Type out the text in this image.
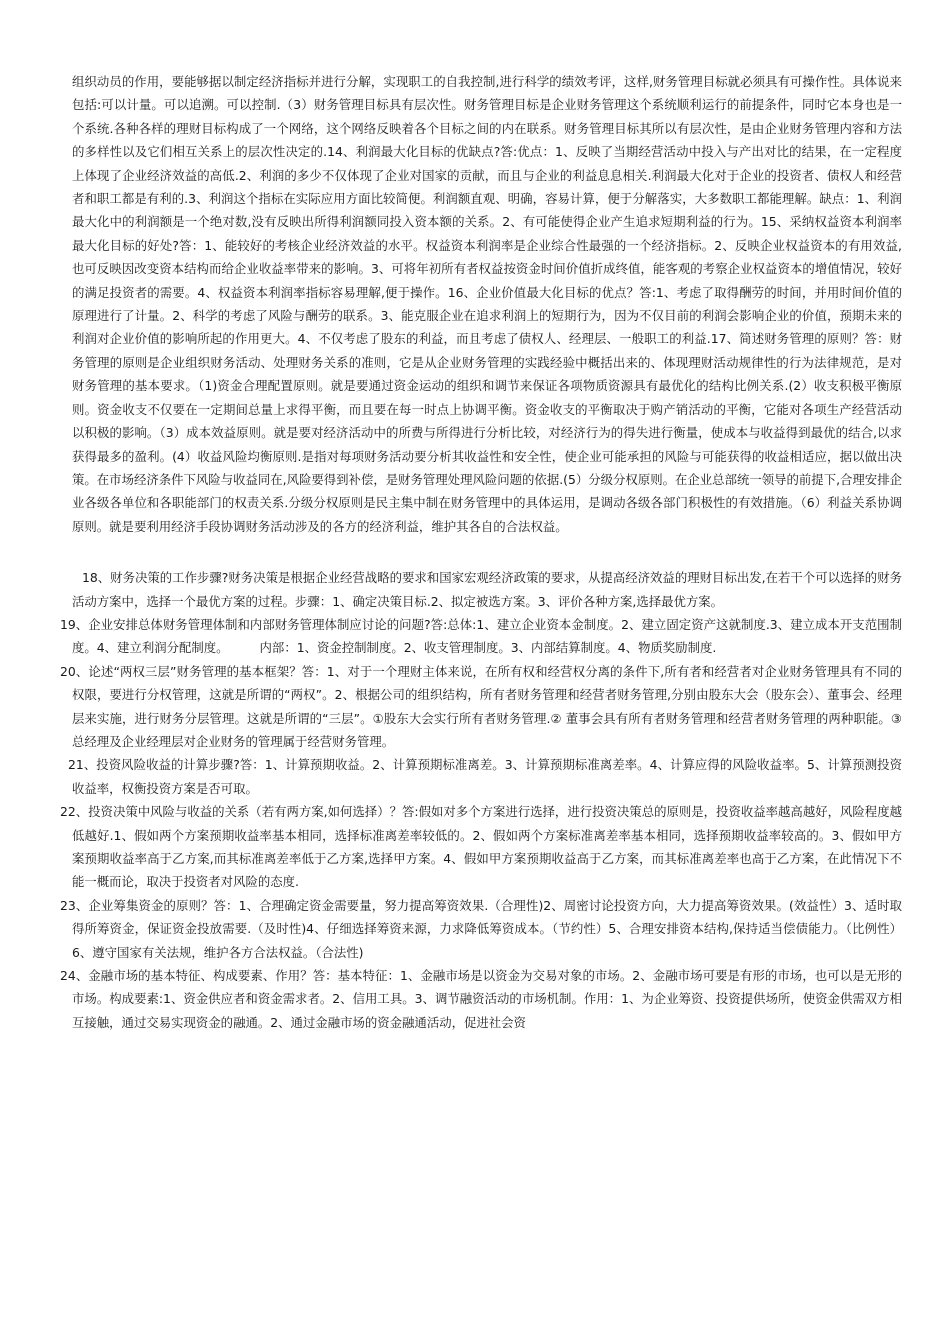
组织动员的作用，要能够据以制定经济指标并进行分解，实现职工的自我控制,进行科学的绩效考评，这样,财务管理目标就必须具有可操作性。具体说来包括:可以计量。可以追溯。可以控制.（3）财务管理目标具有层次性。财务管理目标是企业财务管理这个系统顺利运行的前提条件，同时它本身也是一个系统.各种各样的理财目标构成了一个网络，这个网络反映着各个目标之间的内在联系。财务管理目标其所以有层次性，是由企业财务管理内容和方法的多样性以及它们相互关系上的层次性决定的.14、利润最大化目标的优缺点?答:优点：1、反映了当期经营活动中投入与产出对比的结果，在一定程度上体现了企业经济效益的高低.2、利润的多少不仅体现了企业对国家的贡献，而且与企业的利益息息相关.利润最大化对于企业的投资者、债权人和经营者和职工都是有利的.3、利润这个指标在实际应用方面比较简便。利润额直观、明确，容易计算，便于分解落实，大多数职工都能理解。缺点：1、利润最大化中的利润额是一个绝对数,没有反映出所得利润额同投入资本额的关系。2、有可能使得企业产生追求短期利益的行为。15、采纳权益资本利润率最大化目标的好处?答：1、能较好的考核企业经济效益的水平。权益资本利润率是企业综合性最强的一个经济指标。2、反映企业权益资本的有用效益,也可反映因改变资本结构而给企业收益率带来的影响。3、可将年初所有者权益按资金时间价值折成终值，能客观的考察企业权益资本的增值情况，较好的满足投资者的需要。4、权益资本利润率指标容易理解,便于操作。16、企业价值最大化目标的优点？答:1、考虑了取得酬劳的时间，并用时间价值的原理进行了计量。2、科学的考虑了风险与酬劳的联系。3、能克服企业在追求利润上的短期行为，因为不仅目前的利润会影响企业的价值，预期未来的利润对企业价值的影响所起的作用更大。4、不仅考虑了股东的利益，而且考虑了债权人、经理层、一般职工的利益.17、简述财务管理的原则？答：财务管理的原则是企业组织财务活动、处理财务关系的准则，它是从企业财务管理的实践经验中概括出来的、体现理财活动规律性的行为法律规范，是对财务管理的基本要求。（1)资金合理配置原则。就是要通过资金运动的组织和调节来保证各项物质资源具有最优化的结构比例关系.(2）收支积极平衡原则。资金收支不仅要在一定期间总量上求得平衡，而且要在每一时点上协调平衡。资金收支的平衡取决于购产销活动的平衡，它能对各项生产经营活动以积极的影响。（3）成本效益原则。就是要对经济活动中的所费与所得进行分析比较，对经济行为的得失进行衡量，使成本与收益得到最优的结合,以求获得最多的盈利。(4）收益风险均衡原则.是指对每项财务活动要分析其收益性和安全性，使企业可能承担的风险与可能获得的收益相适应，据以做出决策。在市场经济条件下风险与收益同在,风险要得到补偿，是财务管理处理风险问题的依据.(5）分级分权原则。在企业总部统一领导的前提下,合理安排企业各级各单位和各职能部门的权责关系.分级分权原则是民主集中制在财务管理中的具体运用，是调动各级各部门积极性的有效措施。（6）利益关系协调原则。就是要利用经济手段协调财务活动涉及的各方的经济利益，维护其各自的合法权益。

18、财务决策的工作步骤?财务决策是根据企业经营战略的要求和国家宏观经济政策的要求，从提高经济效益的理财目标出发,在若干个可以选择的财务活动方案中，选择一个最优方案的过程。步骤：1、确定决策目标.2、拟定被选方案。3、评价各种方案,选择最优方案。

19、企业安排总体财务管理体制和内部财务管理体制应讨论的问题?答:总体:1、建立企业资本金制度。2、建立固定资产这就制度.3、建立成本开支范围制度。4、建立利润分配制度。　　　内部：1、资金控制制度。2、收支管理制度。3、内部结算制度。4、物质奖励制度.

20、论述“两权三层”财务管理的基本框架？答：1、对于一个理财主体来说，在所有权和经营权分离的条件下,所有者和经营者对企业财务管理具有不同的权限，要进行分权管理，这就是所谓的“两权”。2、根据公司的组织结构，所有者财务管理和经营者财务管理,分别由股东大会（股东会）、董事会、经理层来实施，进行财务分层管理。这就是所谓的“三层”。①股东大会实行所有者财务管理.② 董事会具有所有者财务管理和经营者财务管理的两种职能。③总经理及企业经理层对企业财务的管理属于经营财务管理。

21、投资风险收益的计算步骤?答：1、计算预期收益。2、计算预期标准离差。3、计算预期标准离差率。4、计算应得的风险收益率。5、计算预测投资收益率，权衡投资方案是否可取。

22、投资决策中风险与收益的关系（若有两方案,如何选择）？答:假如对多个方案进行选择，进行投资决策总的原则是，投资收益率越高越好，风险程度越低越好.1、假如两个方案预期收益率基本相同，选择标准离差率较低的。2、假如两个方案标准离差率基本相同，选择预期收益率较高的。3、假如甲方案预期收益率高于乙方案,而其标准离差率低于乙方案,选择甲方案。4、假如甲方案预期收益高于乙方案，而其标准离差率也高于乙方案，在此情况下不能一概而论，取决于投资者对风险的态度.

23、企业筹集资金的原则？答：1、合理确定资金需要量，努力提高筹资效果.（合理性)2、周密讨论投资方向，大力提高筹资效果。(效益性）3、适时取得所筹资金，保证资金投放需要.（及时性)4、仔细选择筹资来源，力求降低筹资成本。（节约性）5、合理安排资本结构,保持适当偿债能力。（比例性）6、遵守国家有关法规，维护各方合法权益。（合法性)

24、金融市场的基本特征、构成要素、作用？答：基本特征：1、金融市场是以资金为交易对象的市场。2、金融市场可要是有形的市场，也可以是无形的市场。构成要素:1、资金供应者和资金需求者。2、信用工具。3、调节融资活动的市场机制。作用：1、为企业筹资、投资提供场所，使资金供需双方相互接触，通过交易实现资金的融通。2、通过金融市场的资金融通活动，促进社会资
